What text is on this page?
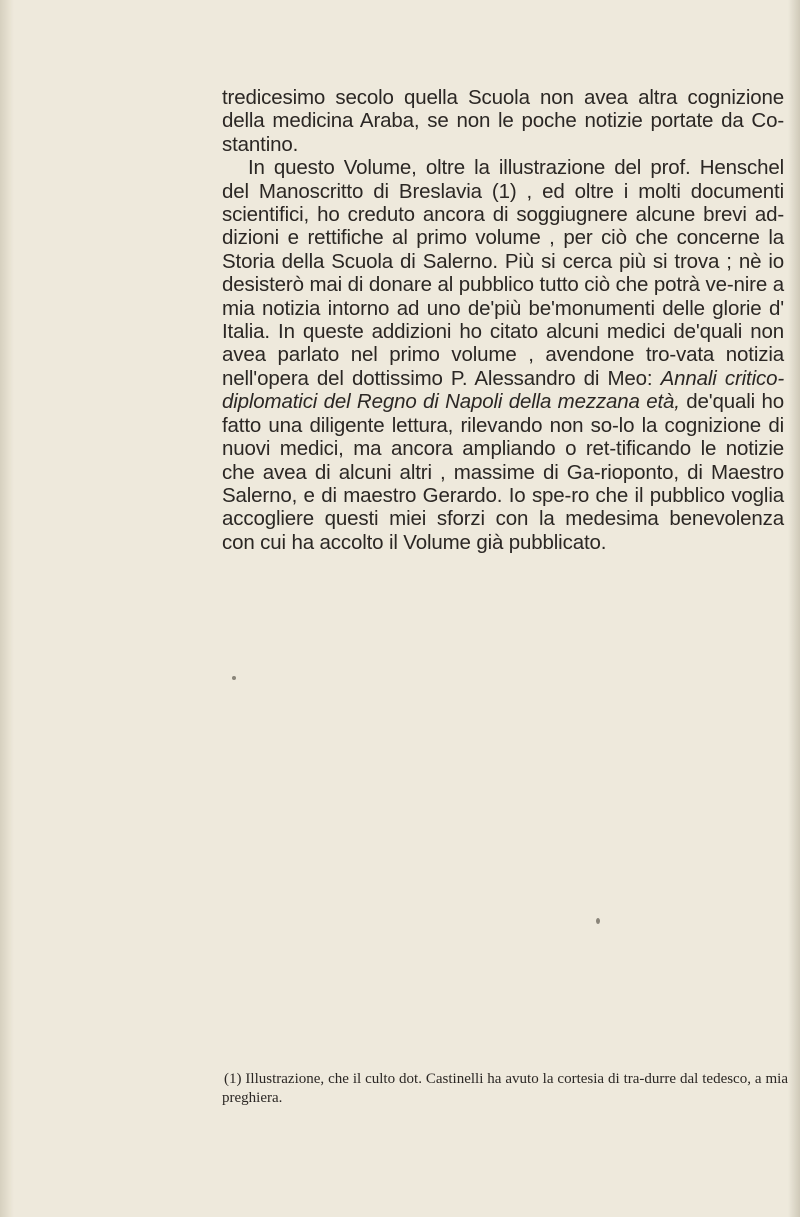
tredicesimo secolo quella Scuola non avea altra cognizione della medicina Araba, se non le poche notizie portate da Co-stantino.

In questo Volume, oltre la illustrazione del prof. Henschel del Manoscritto di Breslavia (1) , ed oltre i molti documenti scientifici, ho creduto ancora di soggiugnere alcune brevi ad-dizioni e rettifiche al primo volume , per ciò che concerne la Storia della Scuola di Salerno. Più si cerca più si trova ; nè io desisterò mai di donare al pubblico tutto ciò che potrà ve-nire a mia notizia intorno ad uno de'più be'monumenti delle glorie d' Italia. In queste addizioni ho citato alcuni medici de'quali non avea parlato nel primo volume , avendone tro-vata notizia nell'opera del dottissimo P. Alessandro di Meo: Annali critico-diplomatici del Regno di Napoli della mezzana età, de'quali ho fatto una diligente lettura, rilevando non so-lo la cognizione di nuovi medici, ma ancora ampliando o ret-tificando le notizie che avea di alcuni altri , massime di Ga-riopontо, di Maestro Salerno, e di maestro Gerardo. Io spe-ro che il pubblico voglia accogliere questi miei sforzi con la medesima benevolenza con cui ha accolto il Volume già pubblicato.

(1) Illustrazione, che il culto dot. Castinelli ha avuto la cortesia di tra-durre dal tedesco, a mia preghiera.
